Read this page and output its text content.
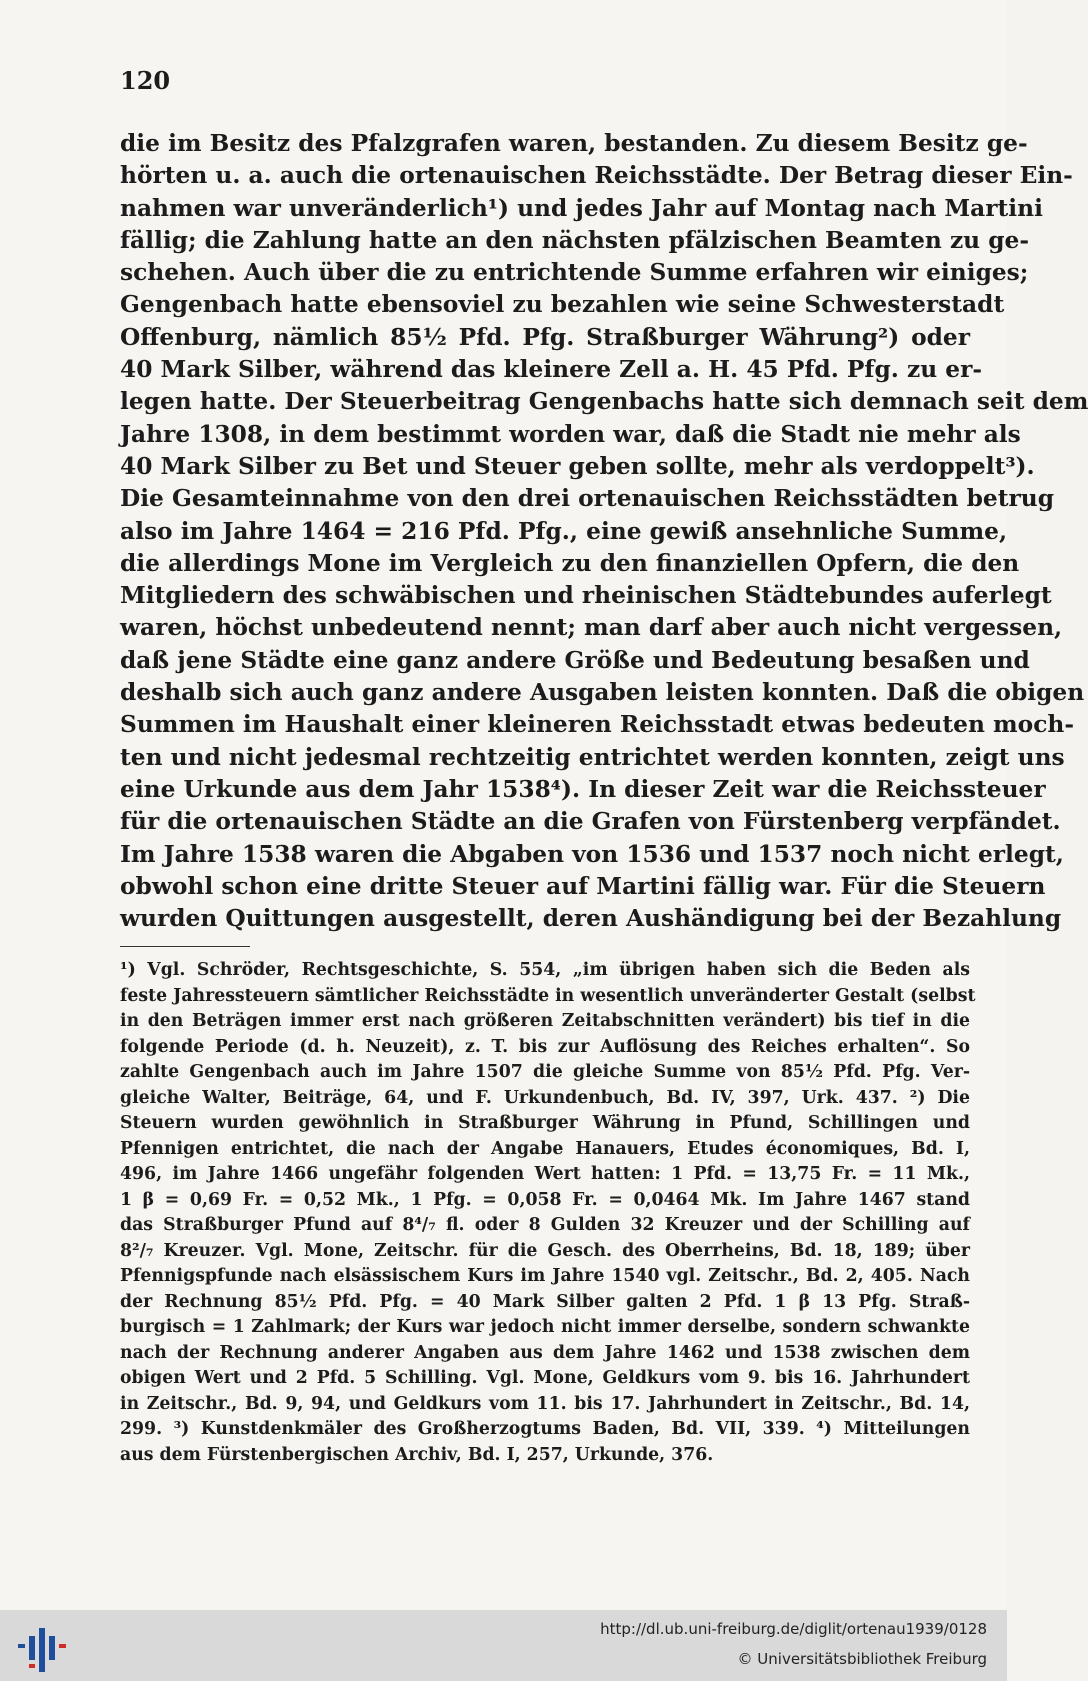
120
die im Besitz des Pfalzgrafen waren, bestanden. Zu diesem Besitz ge-
hörten u. a. auch die ortenauischen Reichsstädte. Der Betrag dieser Ein-
nahmen war unveränderlich¹) und jedes Jahr auf Montag nach Martini
fällig; die Zahlung hatte an den nächsten pfälzischen Beamten zu ge-
schehen. Auch über die zu entrichtende Summe erfahren wir einiges;
Gengenbach hatte ebensoviel zu bezahlen wie seine Schwesterstadt
Offenburg, nämlich 85½ Pfd. Pfg. Straßburger Währung²) oder
40 Mark Silber, während das kleinere Zell a. H. 45 Pfd. Pfg. zu er-
legen hatte. Der Steuerbeitrag Gengenbachs hatte sich demnach seit dem
Jahre 1308, in dem bestimmt worden war, daß die Stadt nie mehr als
40 Mark Silber zu Bet und Steuer geben sollte, mehr als verdoppelt³).
Die Gesamteinnahme von den drei ortenauischen Reichsstädten betrug
also im Jahre 1464 = 216 Pfd. Pfg., eine gewiß ansehnliche Summe,
die allerdings Mone im Vergleich zu den finanziellen Opfern, die den
Mitgliedern des schwäbischen und rheinischen Städtebundes auferlegt
waren, höchst unbedeutend nennt; man darf aber auch nicht vergessen,
daß jene Städte eine ganz andere Größe und Bedeutung besaßen und
deshalb sich auch ganz andere Ausgaben leisten konnten. Daß die obigen
Summen im Haushalt einer kleineren Reichsstadt etwas bedeuten moch-
ten und nicht jedesmal rechtzeitig entrichtet werden konnten, zeigt uns
eine Urkunde aus dem Jahr 1538⁴). In dieser Zeit war die Reichssteuer
für die ortenauischen Städte an die Grafen von Fürstenberg verpfändet.
Im Jahre 1538 waren die Abgaben von 1536 und 1537 noch nicht erlegt,
obwohl schon eine dritte Steuer auf Martini fällig war. Für die Steuern
wurden Quittungen ausgestellt, deren Aushändigung bei der Bezahlung
¹) Vgl. Schröder, Rechtsgeschichte, S. 554, „im übrigen haben sich die Beden als
feste Jahressteuern sämtlicher Reichsstädte in wesentlich unveränderter Gestalt (selbst
in den Beträgen immer erst nach größeren Zeitabschnitten verändert) bis tief in die
folgende Periode (d. h. Neuzeit), z. T. bis zur Auflösung des Reiches erhalten“. So
zahlte Gengenbach auch im Jahre 1507 die gleiche Summe von 85½ Pfd. Pfg. Ver-
gleiche Walter, Beiträge, 64, und F. Urkundenbuch, Bd. IV, 397, Urk. 437. ²) Die
Steuern wurden gewöhnlich in Straßburger Währung in Pfund, Schillingen und
Pfennigen entrichtet, die nach der Angabe Hanauers, Etudes économiques, Bd. I,
496, im Jahre 1466 ungefähr folgenden Wert hatten: 1 Pfd. = 13,75 Fr. = 11 Mk.,
1 β = 0,69 Fr. = 0,52 Mk., 1 Pfg. = 0,058 Fr. = 0,0464 Mk. Im Jahre 1467 stand
das Straßburger Pfund auf 8⁴/₇ fl. oder 8 Gulden 32 Kreuzer und der Schilling auf
8²/₇ Kreuzer. Vgl. Mone, Zeitschr. für die Gesch. des Oberrheins, Bd. 18, 189; über
Pfennigspfunde nach elsässischem Kurs im Jahre 1540 vgl. Zeitschr., Bd. 2, 405. Nach
der Rechnung 85½ Pfd. Pfg. = 40 Mark Silber galten 2 Pfd. 1 β 13 Pfg. Straß-
burgisch = 1 Zahlmark; der Kurs war jedoch nicht immer derselbe, sondern schwankte
nach der Rechnung anderer Angaben aus dem Jahre 1462 und 1538 zwischen dem
obigen Wert und 2 Pfd. 5 Schilling. Vgl. Mone, Geldkurs vom 9. bis 16. Jahrhundert
in Zeitschr., Bd. 9, 94, und Geldkurs vom 11. bis 17. Jahrhundert in Zeitschr., Bd. 14,
299. ³) Kunstdenkmäler des Großherzogtums Baden, Bd. VII, 339. ⁴) Mitteilungen
aus dem Fürstenbergischen Archiv, Bd. I, 257, Urkunde, 376.
http://dl.ub.uni-freiburg.de/diglit/ortenau1939/0128
© Universitätsbibliothek Freiburg
